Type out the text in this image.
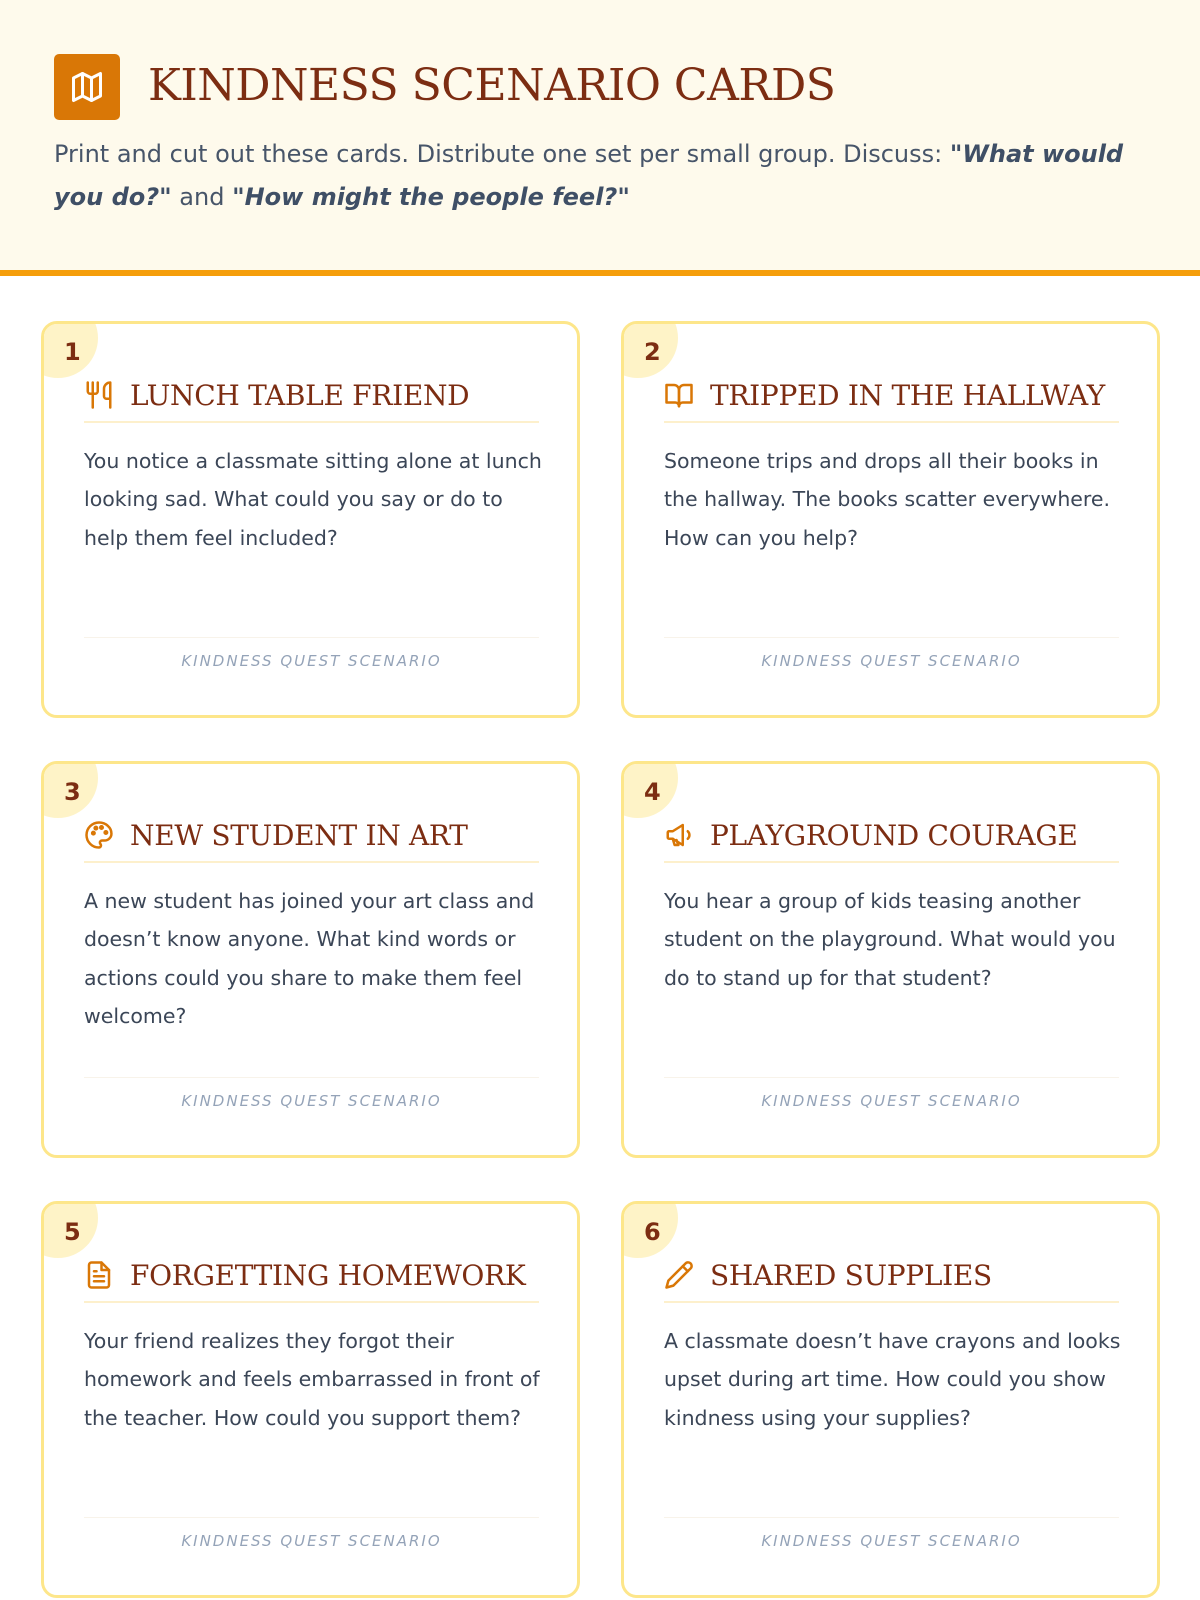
KINDNESS SCENARIO CARDS

Print and cut out these cards. Distribute one set per small group. Discuss: "What would you do?" and "How might the people feel?"

1
LUNCH TABLE FRIEND

You notice a classmate sitting alone at lunch looking sad. What could you say or do to help them feel included?

KINDNESS QUEST SCENARIO
2
TRIPPED IN THE HALLWAY

Someone trips and drops all their books in the hallway. The books scatter everywhere. How can you help?

KINDNESS QUEST SCENARIO
3
NEW STUDENT IN ART

A new student has joined your art class and doesn’t know anyone. What kind words or actions could you share to make them feel welcome?

KINDNESS QUEST SCENARIO
4
PLAYGROUND COURAGE

You hear a group of kids teasing another student on the playground. What would you do to stand up for that student?

KINDNESS QUEST SCENARIO
5
FORGETTING HOMEWORK

Your friend realizes they forgot their homework and feels embarrassed in front of the teacher. How could you support them?

KINDNESS QUEST SCENARIO
6
SHARED SUPPLIES

A classmate doesn’t have crayons and looks upset during art time. How could you show kindness using your supplies?

KINDNESS QUEST SCENARIO
